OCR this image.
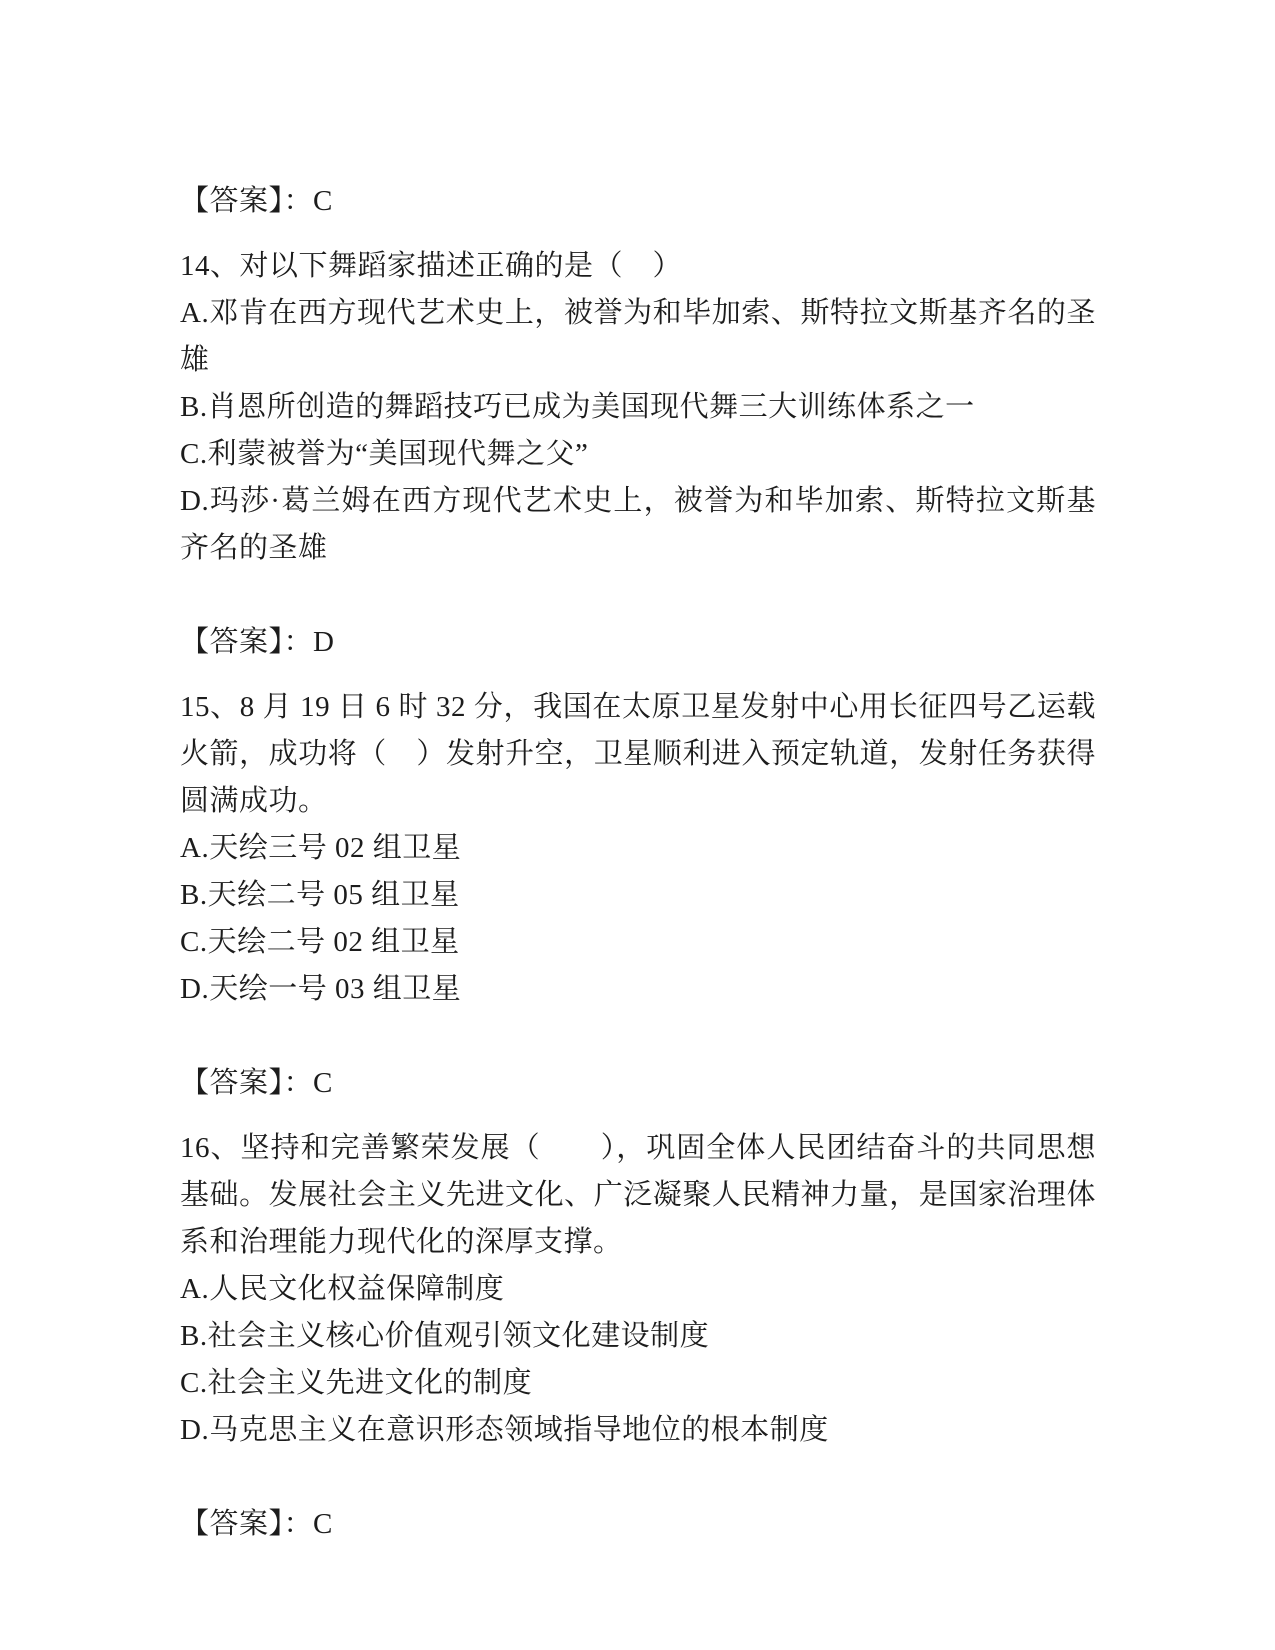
【答案】：C
14、对以下舞蹈家描述正确的是（　）
A.邓肯在西方现代艺术史上，被誉为和毕加索、斯特拉文斯基齐名的圣雄
B.肖恩所创造的舞蹈技巧已成为美国现代舞三大训练体系之一
C.利蒙被誉为“美国现代舞之父”
D.玛莎·葛兰姆在西方现代艺术史上，被誉为和毕加索、斯特拉文斯基齐名的圣雄
【答案】：D
15、8 月 19 日 6 时 32 分，我国在太原卫星发射中心用长征四号乙运载火箭，成功将（　）发射升空，卫星顺利进入预定轨道，发射任务获得圆满成功。
A.天绘三号 02 组卫星
B.天绘二号 05 组卫星
C.天绘二号 02 组卫星
D.天绘一号 03 组卫星
【答案】：C
16、坚持和完善繁荣发展（　　），巩固全体人民团结奋斗的共同思想基础。发展社会主义先进文化、广泛凝聚人民精神力量，是国家治理体系和治理能力现代化的深厚支撑。
A.人民文化权益保障制度
B.社会主义核心价值观引领文化建设制度
C.社会主义先进文化的制度
D.马克思主义在意识形态领域指导地位的根本制度
【答案】：C
